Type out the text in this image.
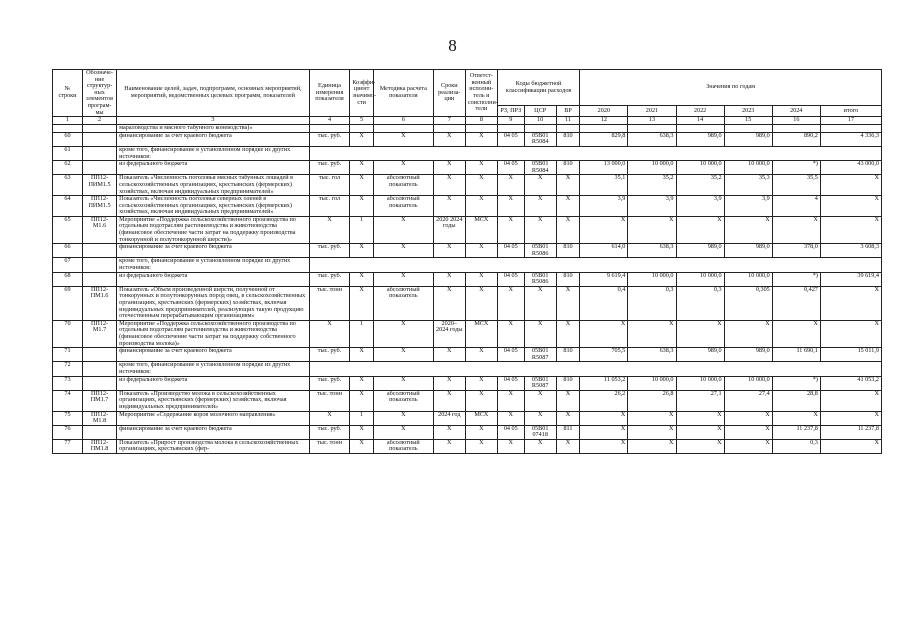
8
№ строки	Обозначе-ние структур-ных элементов програм-мы	Наименование целей, задач, подпрограмм, основных мероприятий, мероприятий, ведомственных целевых программ, показателей	Единица измерения показателя	Коэффи-циент значимо-сти	Методика расчета показателя	Сроки реализа-ции	Ответст-венный исполни-тель и соисполни-тели	Коды бюджетной классификации расходов			Значения по годам					
								РЗ, ПРЗ	ЦСР	ВР	2020	2021	2022	2023	2024	итого
1	2	3	4	5	6	7	8	9	10	11	12	13	14	15	16	17
		мараловодства и мясного табунного коневодства)»														
60		финансирование за счет краевого бюджета	тыс. руб.	X	X	X	X	04 05	05В01 R5084	810	829,8	638,3	989,0	989,0	890,2	4 336,3
61		кроме того, финансирование в установленном порядке из других источников:														
62		из федерального бюджета	тыс. руб.	X	X	X	X	04 05	05В01 R5084	810	13 000,0	10 000,0	10 000,0	10 000,0	*)	43 000,0
63	ПП12-ПИМ1.5	Показатель «Численность поголовья мясных табунных лошадей в сельскохозяйственных организациях, крестьянских (фермерских) хозяйствах, включая индивидуальных предпринимателей»	тыс. гол	X	абсолютный показатель	X	X	X	X	X	35,1	35,2	35,2	35,3	35,5	X
64	ПП12-ПИМ1.5	Показатель «Численность поголовья северных оленей в сельскохозяйственных организациях, крестьянских (фермерских) хозяйствах, включая индивидуальных предпринимателей»	тыс. гол	X	абсолютный показатель	X	X	X	X	X	3,9	3,9	3,9	3,9	4	X
65	ПП12-М1.6	Мероприятие «Поддержка сельскохозяйственного производства по отдельным подотраслям растениеводства и животноводства (финансовое обеспечение части затрат на поддержку производства тонкорунной и полутонкорунной шерсти)»	X	1	X	2020 2024 годы	МСХ	X	X	X	X	X	X	X	X	X
66		финансирование за счет краевого бюджета	тыс. руб.	X	X	X	X	04 05	05В01 R5086	810	614,0	638,3	989,0	989,0	378,0	3 608,3
67		кроме того, финансирование в установленном порядке из других источников:														
68		из федерального бюджета	тыс. руб.	X	X	X	X	04 05	05В01 R5086	810	9 619,4	10 000,0	10 000,0	10 000,0	*)	39 619,4
69	ПП12-ПМ1.6	Показатель «Объем произведенной шерсти, полученной от тонкорунных и полутонкорунных пород овец, в сельскохозяйственных организациях, крестьянских (фермерских) хозяйствах, включая индивидуальных предпринимателей, реализующих такую продукцию отечественным перерабатывающим организациям»	тыс. тонн	X	абсолютный показатель	X	X	X	X	X	0,4	0,3	0,3	0,305	0,427	X
70	ПП12-М1.7	Мероприятие «Поддержка сельскохозяйственного производства по отдельным подотраслям растениеводства и животноводства (финансовое обеспечение части затрат на поддержку собственного производства молока)»	X	1	X	2020–2024 годы	МСХ	X	X	X	X	X	X	X	X	X
71		финансирование за счет краевого бюджета	тыс. руб.	X	X	X	X	04 05	05В01 R5087	810	705,5	638,3	989,0	989,0	11 690,1	15 011,9
72		кроме того, финансирование в установленном порядке из других источников:														
73		из федерального бюджета	тыс. руб.	X	X	X	X	04 05	05В01 R5087	810	11 053,2	10 000,0	10 000,0	10 000,0	*)	41 053,2
74	ПП12-ПМ1.7	Показатель «Производство молока в сельскохозяйственных организациях, крестьянских (фермерских) хозяйствах, включая индивидуальных предпринимателей»	тыс. тонн	X	абсолютный показатель	X	X	X	X	X	26,2	26,8	27,1	27,4	28,8	X
75	ПП12-М1.8	Мероприятие «Содержание коров молочного направления»	X	1	X	2024 год	МСХ	X	X	X	X	X	X	X	X	X
76		финансирование за счет краевого бюджета	тыс. руб.	X	X	X	X	04 05	05В01 07418	811	X	X	X	X	11 237,8	11 237,8
77	ПП12-ПМ1.8	Показатель «Прирост производства молока в сельскохозяйственных организациях, крестьянских (фер-	тыс. тонн	X	абсолютный показатель	X	X	X	X	X	X	X	X	X	0,3	X
